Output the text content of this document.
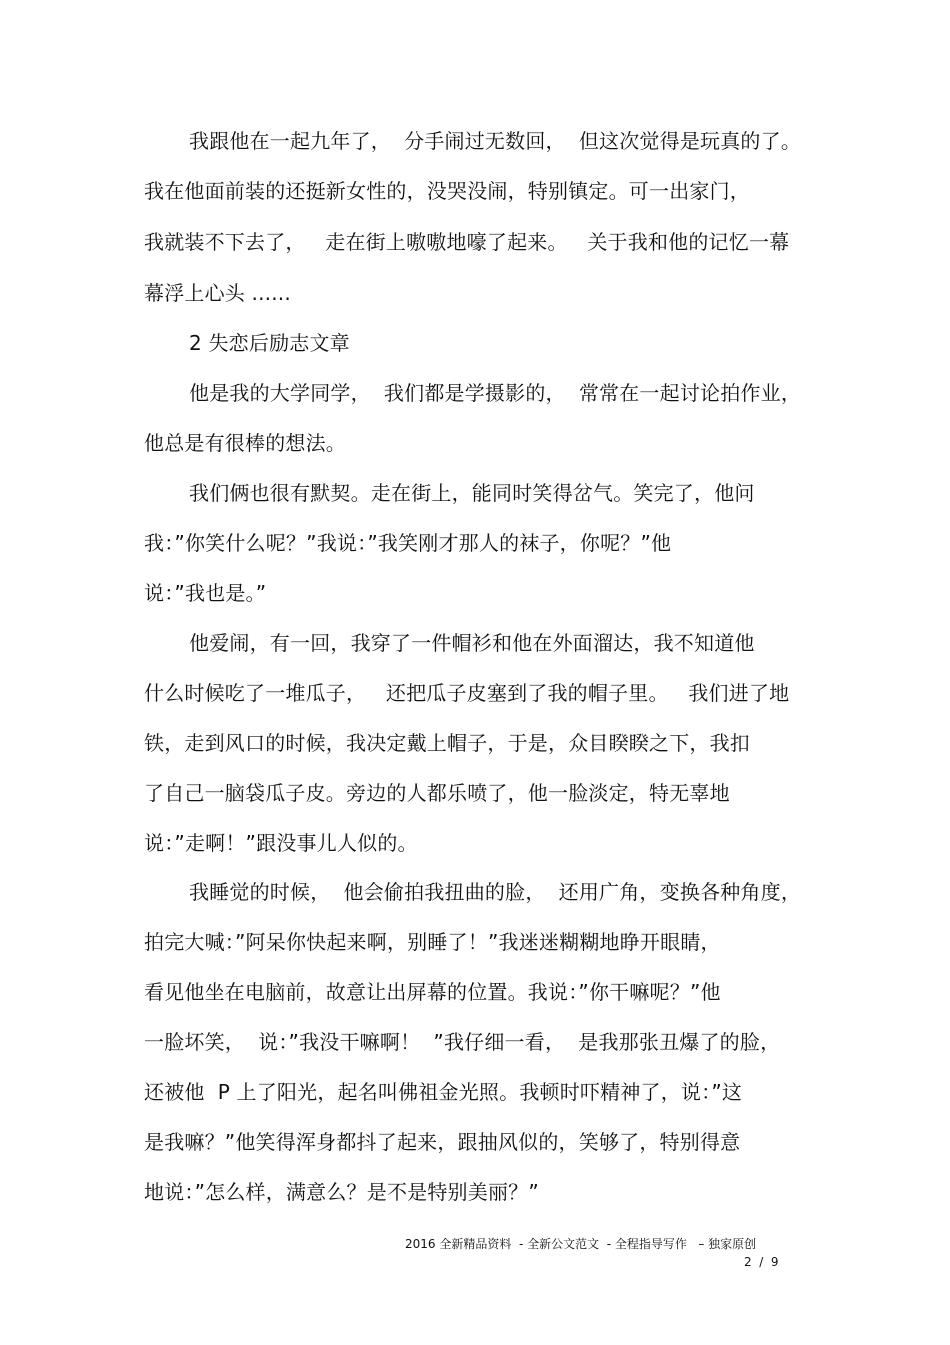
我跟他在一起九年了，  分手闹过无数回，  但这次觉得是玩真的了。
我在他面前装的还挺新女性的，没哭没闹，特别镇定。可一出家门，
我就装不下去了，   走在街上嗷嗷地嚎了起来。   关于我和他的记忆一幕
幕浮上心头 ......
2 失恋后励志文章
他是我的大学同学，  我们都是学摄影的，  常常在一起讨论拍作业，
他总是有很棒的想法。
我们俩也很有默契。走在街上，能同时笑得岔气。笑完了，他问
我：”你笑什么呢？”我说：”我笑刚才那人的袜子，你呢？”他
说：”我也是。”
他爱闹，有一回，我穿了一件帽衫和他在外面溜达，我不知道他
什么时候吃了一堆瓜子，   还把瓜子皮塞到了我的帽子里。   我们进了地
铁，走到风口的时候，我决定戴上帽子，于是，众目睽睽之下，我扣
了自己一脑袋瓜子皮。旁边的人都乐喷了，他一脸淡定，特无辜地
说：”走啊！”跟没事儿人似的。
我睡觉的时候，  他会偷拍我扭曲的脸，  还用广角，变换各种角度，
拍完大喊：”阿呆你快起来啊，别睡了！”我迷迷糊糊地睁开眼睛，
看见他坐在电脑前，故意让出屏幕的位置。我说：”你干嘛呢？”他
一脸坏笑，  说：”我没干嘛啊！  ”我仔细一看，  是我那张丑爆了的脸，
还被他  P 上了阳光，起名叫佛祖金光照。我顿时吓精神了，说：”这
是我嘛？”他笑得浑身都抖了起来，跟抽风似的，笑够了，特别得意
地说：”怎么样，满意么？是不是特别美丽？”
2016 全新精品资料  - 全新公文范文  - 全程指导写作   – 独家原创
2  /  9
